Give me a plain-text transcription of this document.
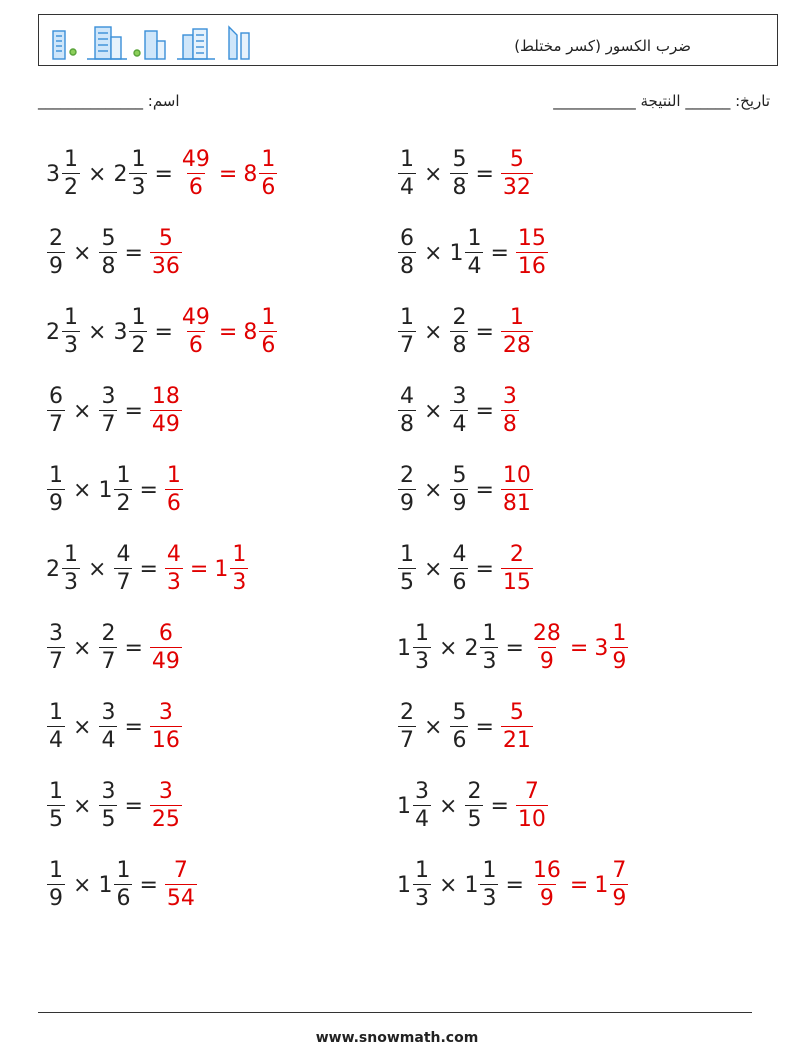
ضرب الكسور (كسر مختلط)
اسم: ______________	تاريخ: ______ النتيجة ___________
$3 \frac{1}{2} \times 2 \frac{1}{3} = \frac{49}{6} = 8 \frac{1}{6}$	$\frac{1}{4} \times \frac{5}{8} = \frac{5}{32}$
$\frac{2}{9} \times \frac{5}{8} = \frac{5}{36}$	$\frac{6}{8} \times 1 \frac{1}{4} = \frac{15}{16}$
$2 \frac{1}{3} \times 3 \frac{1}{2} = \frac{49}{6} = 8 \frac{1}{6}$	$\frac{1}{7} \times \frac{2}{8} = \frac{1}{28}$
$\frac{6}{7} \times \frac{3}{7} = \frac{18}{49}$	$\frac{4}{8} \times \frac{3}{4} = \frac{3}{8}$
$\frac{1}{9} \times 1 \frac{1}{2} = \frac{1}{6}$	$\frac{2}{9} \times \frac{5}{9} = \frac{10}{81}$
$2 \frac{1}{3} \times \frac{4}{7} = \frac{4}{3} = 1 \frac{1}{3}$	$\frac{1}{5} \times \frac{4}{6} = \frac{2}{15}$
$\frac{3}{7} \times \frac{2}{7} = \frac{6}{49}$	$1 \frac{1}{3} \times 2 \frac{1}{3} = \frac{28}{9} = 3 \frac{1}{9}$
$\frac{1}{4} \times \frac{3}{4} = \frac{3}{16}$	$\frac{2}{7} \times \frac{5}{6} = \frac{5}{21}$
$\frac{1}{5} \times \frac{3}{5} = \frac{3}{25}$	$1 \frac{3}{4} \times \frac{2}{5} = \frac{7}{10}$
$\frac{1}{9} \times 1 \frac{1}{6} = \frac{7}{54}$	$1 \frac{1}{3} \times 1 \frac{1}{3} = \frac{16}{9} = 1 \frac{7}{9}$
www.snowmath.com
